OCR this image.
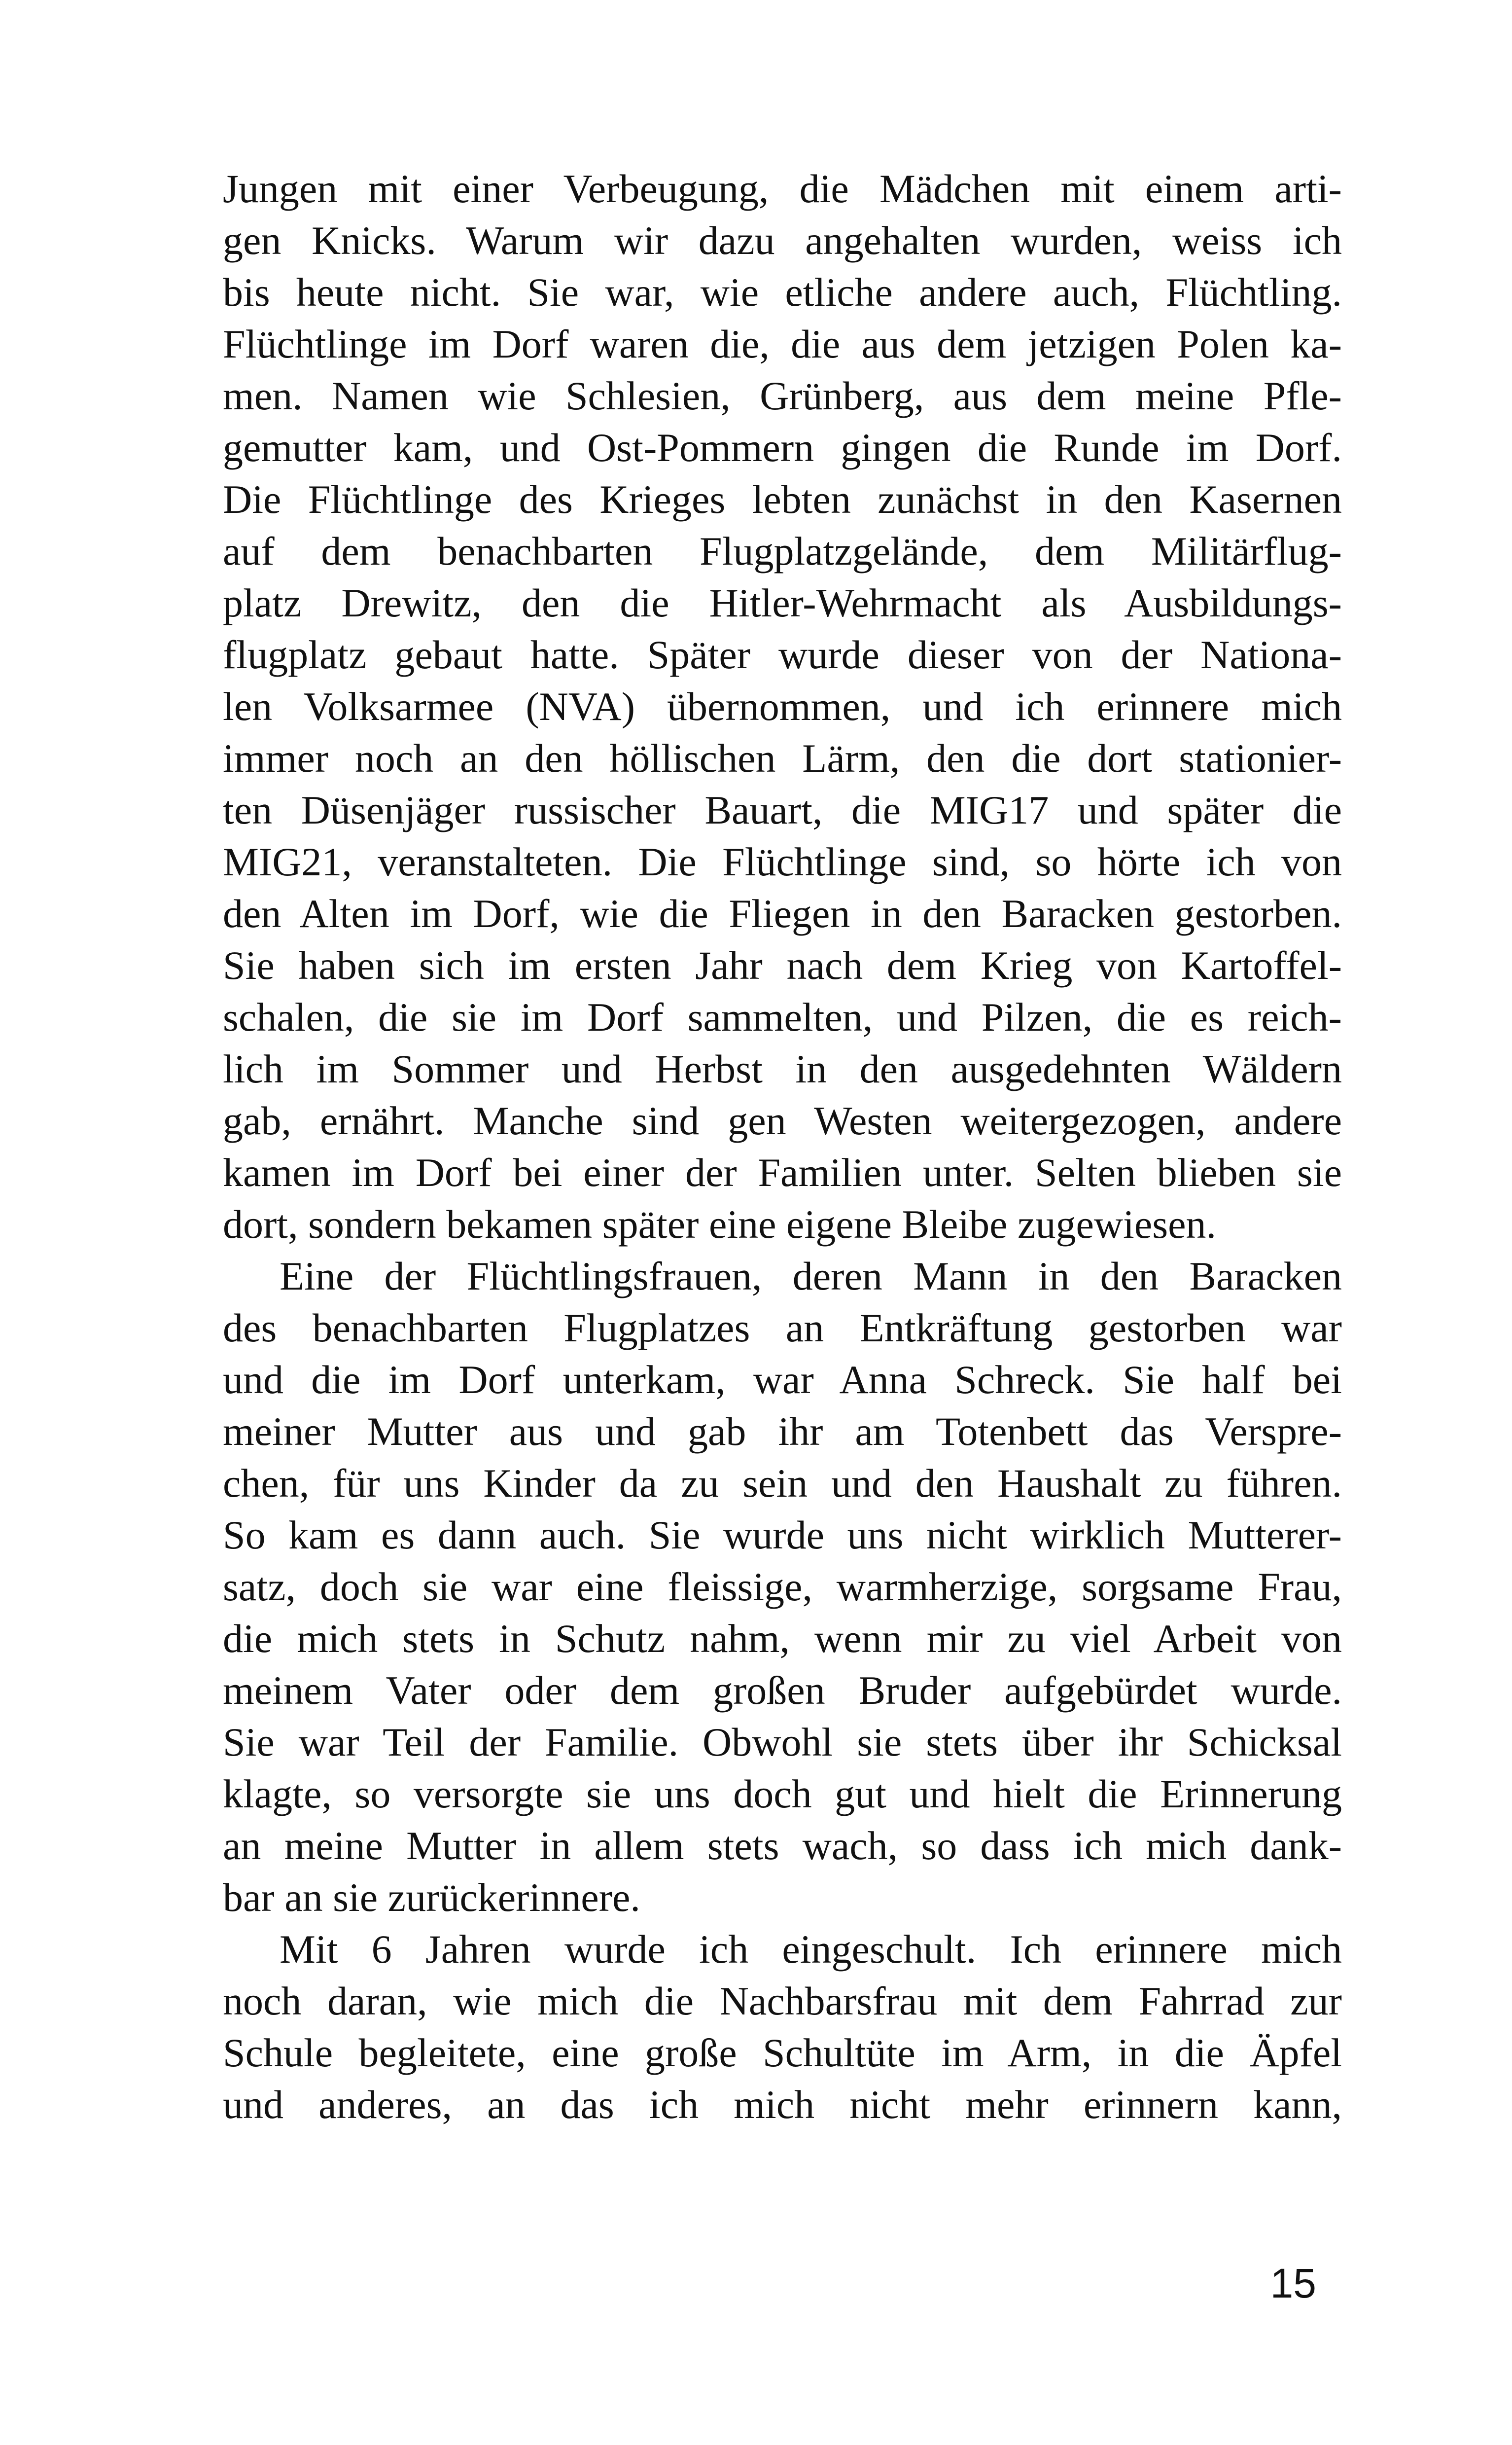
Jungen mit einer Verbeugung, die Mädchen mit einem arti-
gen Knicks. Warum wir dazu angehalten wurden, weiss ich
bis heute nicht. Sie war, wie etliche andere auch, Flüchtling.
Flüchtlinge im Dorf waren die, die aus dem jetzigen Polen ka-
men. Namen wie Schlesien, Grünberg, aus dem meine Pfle-
gemutter kam, und Ost-Pommern gingen die Runde im Dorf.
Die Flüchtlinge des Krieges lebten zunächst in den Kasernen
auf dem benachbarten Flugplatzgelände, dem Militärflug-
platz Drewitz, den die Hitler-Wehrmacht als Ausbildungs-
flugplatz gebaut hatte. Später wurde dieser von der Nationa-
len Volksarmee (NVA) übernommen, und ich erinnere mich
immer noch an den höllischen Lärm, den die dort stationier-
ten Düsenjäger russischer Bauart, die MIG17 und später die
MIG21, veranstalteten. Die Flüchtlinge sind, so hörte ich von
den Alten im Dorf, wie die Fliegen in den Baracken gestorben.
Sie haben sich im ersten Jahr nach dem Krieg von Kartoffel-
schalen, die sie im Dorf sammelten, und Pilzen, die es reich-
lich im Sommer und Herbst in den ausgedehnten Wäldern
gab, ernährt. Manche sind gen Westen weitergezogen, andere
kamen im Dorf bei einer der Familien unter. Selten blieben sie
dort, sondern bekamen später eine eigene Bleibe zugewiesen.
Eine der Flüchtlingsfrauen, deren Mann in den Baracken
des benachbarten Flugplatzes an Entkräftung gestorben war
und die im Dorf unterkam, war Anna Schreck. Sie half bei
meiner Mutter aus und gab ihr am Totenbett das Verspre-
chen, für uns Kinder da zu sein und den Haushalt zu führen.
So kam es dann auch. Sie wurde uns nicht wirklich Mutterer-
satz, doch sie war eine fleissige, warmherzige, sorgsame Frau,
die mich stets in Schutz nahm, wenn mir zu viel Arbeit von
meinem Vater oder dem großen Bruder aufgebürdet wurde.
Sie war Teil der Familie. Obwohl sie stets über ihr Schicksal
klagte, so versorgte sie uns doch gut und hielt die Erinnerung
an meine Mutter in allem stets wach, so dass ich mich dank-
bar an sie zurückerinnere.
Mit 6 Jahren wurde ich eingeschult. Ich erinnere mich
noch daran, wie mich die Nachbarsfrau mit dem Fahrrad zur
Schule begleitete, eine große Schultüte im Arm, in die Äpfel
und anderes, an das ich mich nicht mehr erinnern kann,
15
